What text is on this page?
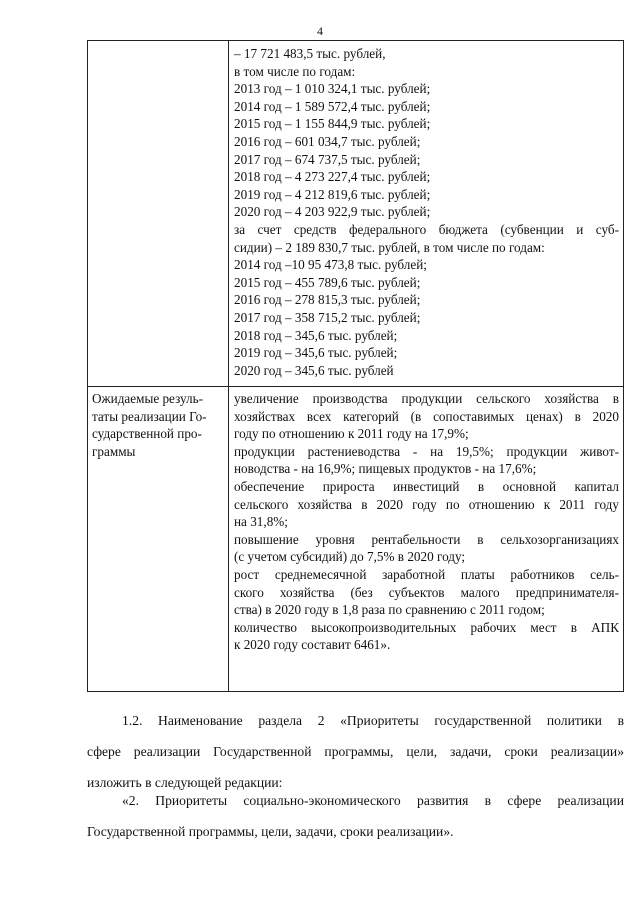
4
– 17 721 483,5 тыс. рублей,
в том числе по годам:
2013 год – 1 010 324,1 тыс. рублей;
2014 год – 1 589 572,4 тыс. рублей;
2015 год – 1 155 844,9 тыс. рублей;
2016 год – 601 034,7 тыс. рублей;
2017 год – 674 737,5 тыс. рублей;
2018 год – 4 273 227,4 тыс. рублей;
2019 год – 4 212 819,6 тыс. рублей;
2020 год – 4 203 922,9 тыс. рублей;
за счет средств федерального бюджета (субвенции и суб-
сидии) – 2 189 830,7 тыс. рублей, в том числе по годам:
2014 год –10 95 473,8 тыс. рублей;
2015 год – 455 789,6 тыс. рублей;
2016 год – 278 815,3 тыс. рублей;
2017 год – 358 715,2 тыс. рублей;
2018 год – 345,6 тыс. рублей;
2019 год – 345,6 тыс. рублей;
2020 год – 345,6 тыс. рублей
Ожидаемые резуль-
таты реализации Го-
сударственной про-
граммы
увеличение производства продукции сельского хозяйства в
хозяйствах всех категорий (в сопоставимых ценах) в 2020
году по отношению к 2011 году на 17,9%;
продукции растениеводства - на 19,5%; продукции живот-
новодства - на 16,9%; пищевых продуктов - на 17,6%;
обеспечение прироста инвестиций в основной капитал
сельского хозяйства в 2020 году по отношению к 2011 году
на 31,8%;
повышение уровня рентабельности в сельхозорганизациях
(с учетом субсидий) до 7,5% в 2020 году;
рост среднемесячной заработной платы работников сель-
ского хозяйства (без субъектов малого предпринимателя-
ства) в 2020 году в 1,8 раза по сравнению с 2011 годом;
количество высокопроизводительных рабочих мест в АПК
к 2020 году составит 6461».
1.2. Наименование раздела 2 «Приоритеты государственной политики в
сфере реализации Государственной программы, цели, задачи, сроки реализации»
изложить в следующей редакции:
«2. Приоритеты социально-экономического развития в сфере реализации
Государственной программы, цели, задачи, сроки реализации».
